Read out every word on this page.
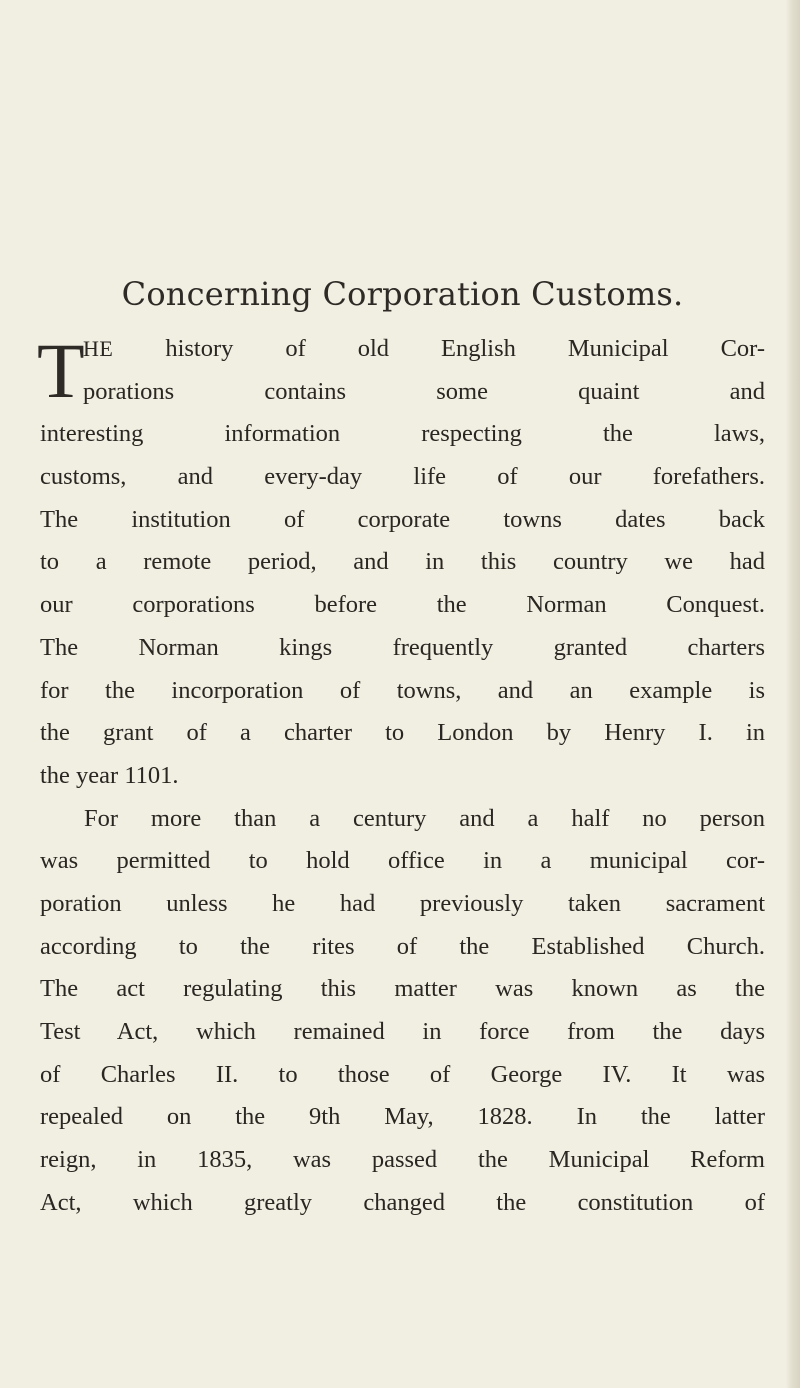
Concerning Corporation Customs.
T
HE history of old English Municipal Cor-
porations contains some quaint and
interesting information respecting the laws,
customs, and every-day life of our forefathers.
The institution of corporate towns dates back
to a remote period, and in this country we had
our corporations before the Norman Conquest.
The Norman kings frequently granted charters
for the incorporation of towns, and an example is
the grant of a charter to London by Henry I. in
the year 1101.
For more than a century and a half no person
was permitted to hold office in a municipal cor-
poration unless he had previously taken sacrament
according to the rites of the Established Church.
The act regulating this matter was known as the
Test Act, which remained in force from the days
of Charles II. to those of George IV. It was
repealed on the 9th May, 1828. In the latter
reign, in 1835, was passed the Municipal Reform
Act, which greatly changed the constitution of
